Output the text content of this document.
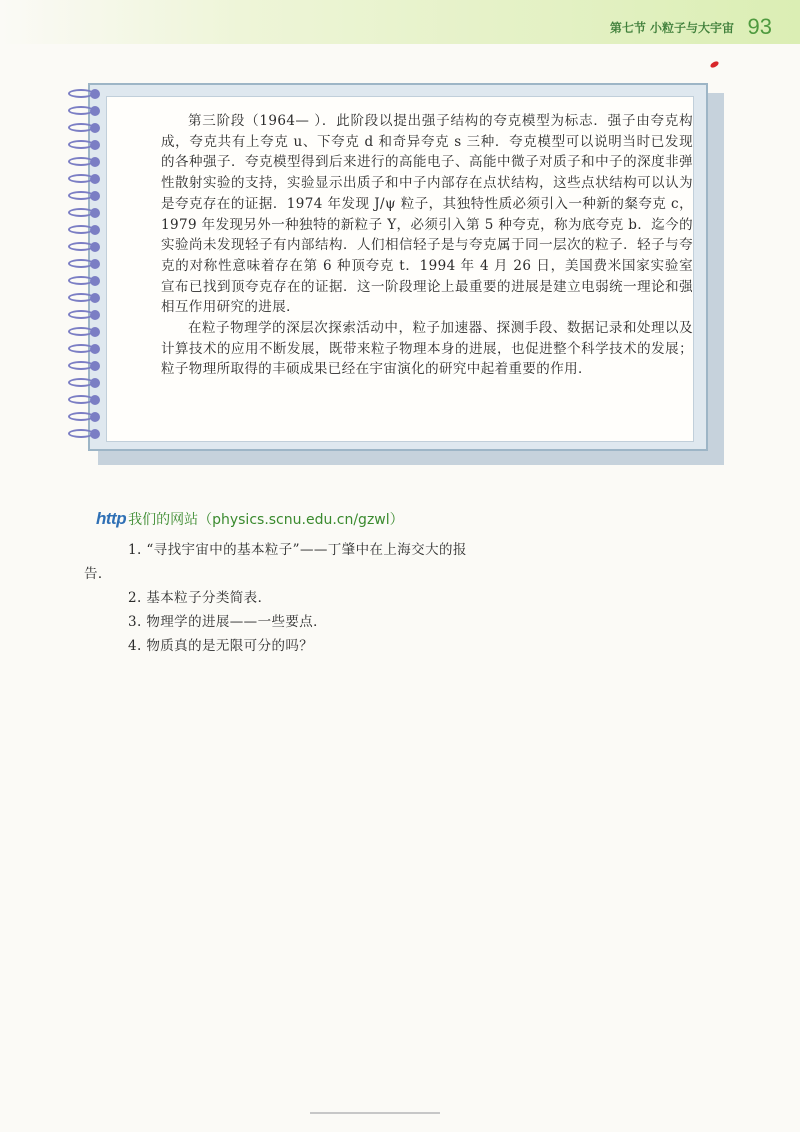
第七节 小粒子与大宇宙 93

第三阶段（1964— ）．此阶段以提出强子结构的夸克模型为标志．强子由夸克构成，夸克共有上夸克 u、下夸克 d 和奇异夸克 s 三种．夸克模型可以说明当时已发现的各种强子．夸克模型得到后来进行的高能电子、高能中微子对质子和中子的深度非弹性散射实验的支持，实验显示出质子和中子内部存在点状结构，这些点状结构可以认为是夸克存在的证据．1974 年发现 J/ψ 粒子，其独特性质必须引入一种新的粲夸克 c，1979 年发现另外一种独特的新粒子 Υ，必须引入第 5 种夸克，称为底夸克 b．迄今的实验尚未发现轻子有内部结构．人们相信轻子是与夸克属于同一层次的粒子．轻子与夸克的对称性意味着存在第 6 种顶夸克 t．1994 年 4 月 26 日，美国费米国家实验室宣布已找到顶夸克存在的证据．这一阶段理论上最重要的进展是建立电弱统一理论和强相互作用研究的进展．

在粒子物理学的深层次探索活动中，粒子加速器、探测手段、数据记录和处理以及计算技术的应用不断发展，既带来粒子物理本身的进展，也促进整个科学技术的发展；粒子物理所取得的丰硕成果已经在宇宙演化的研究中起着重要的作用．

http 我们的网站（physics.scnu.edu.cn/gzwl）
1. “寻找宇宙中的基本粒子”——丁肇中在上海交大的报
告．
2. 基本粒子分类简表．
3. 物理学的进展——一些要点．
4. 物质真的是无限可分的吗？
